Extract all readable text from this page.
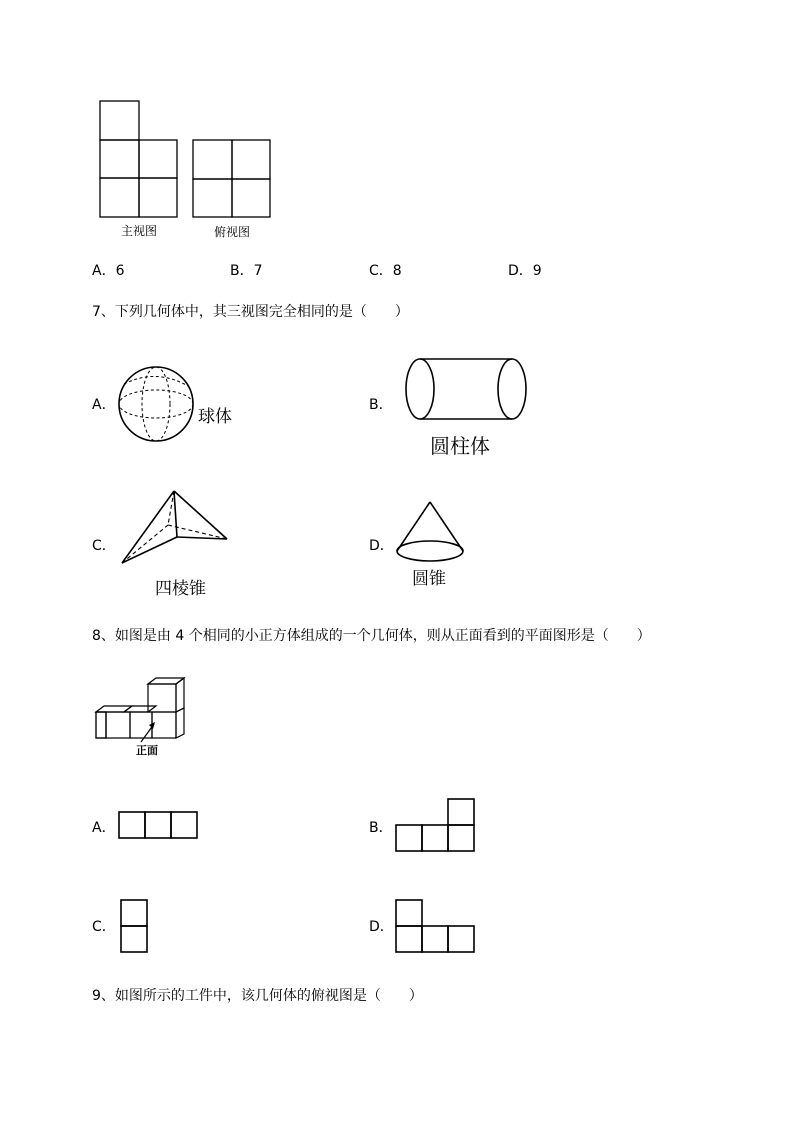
主视图	俯视图
A．6	B．7	C．8	D．9
7、下列几何体中，其三视图完全相同的是（　　）
A．
球体
B．
圆柱体
C．
四棱锥
D．
圆锥
8、如图是由 4 个相同的小正方体组成的一个几何体，则从正面看到的平面图形是（　　）
正面
A．	B．
C．	D．
9、如图所示的工件中，该几何体的俯视图是（　　）
